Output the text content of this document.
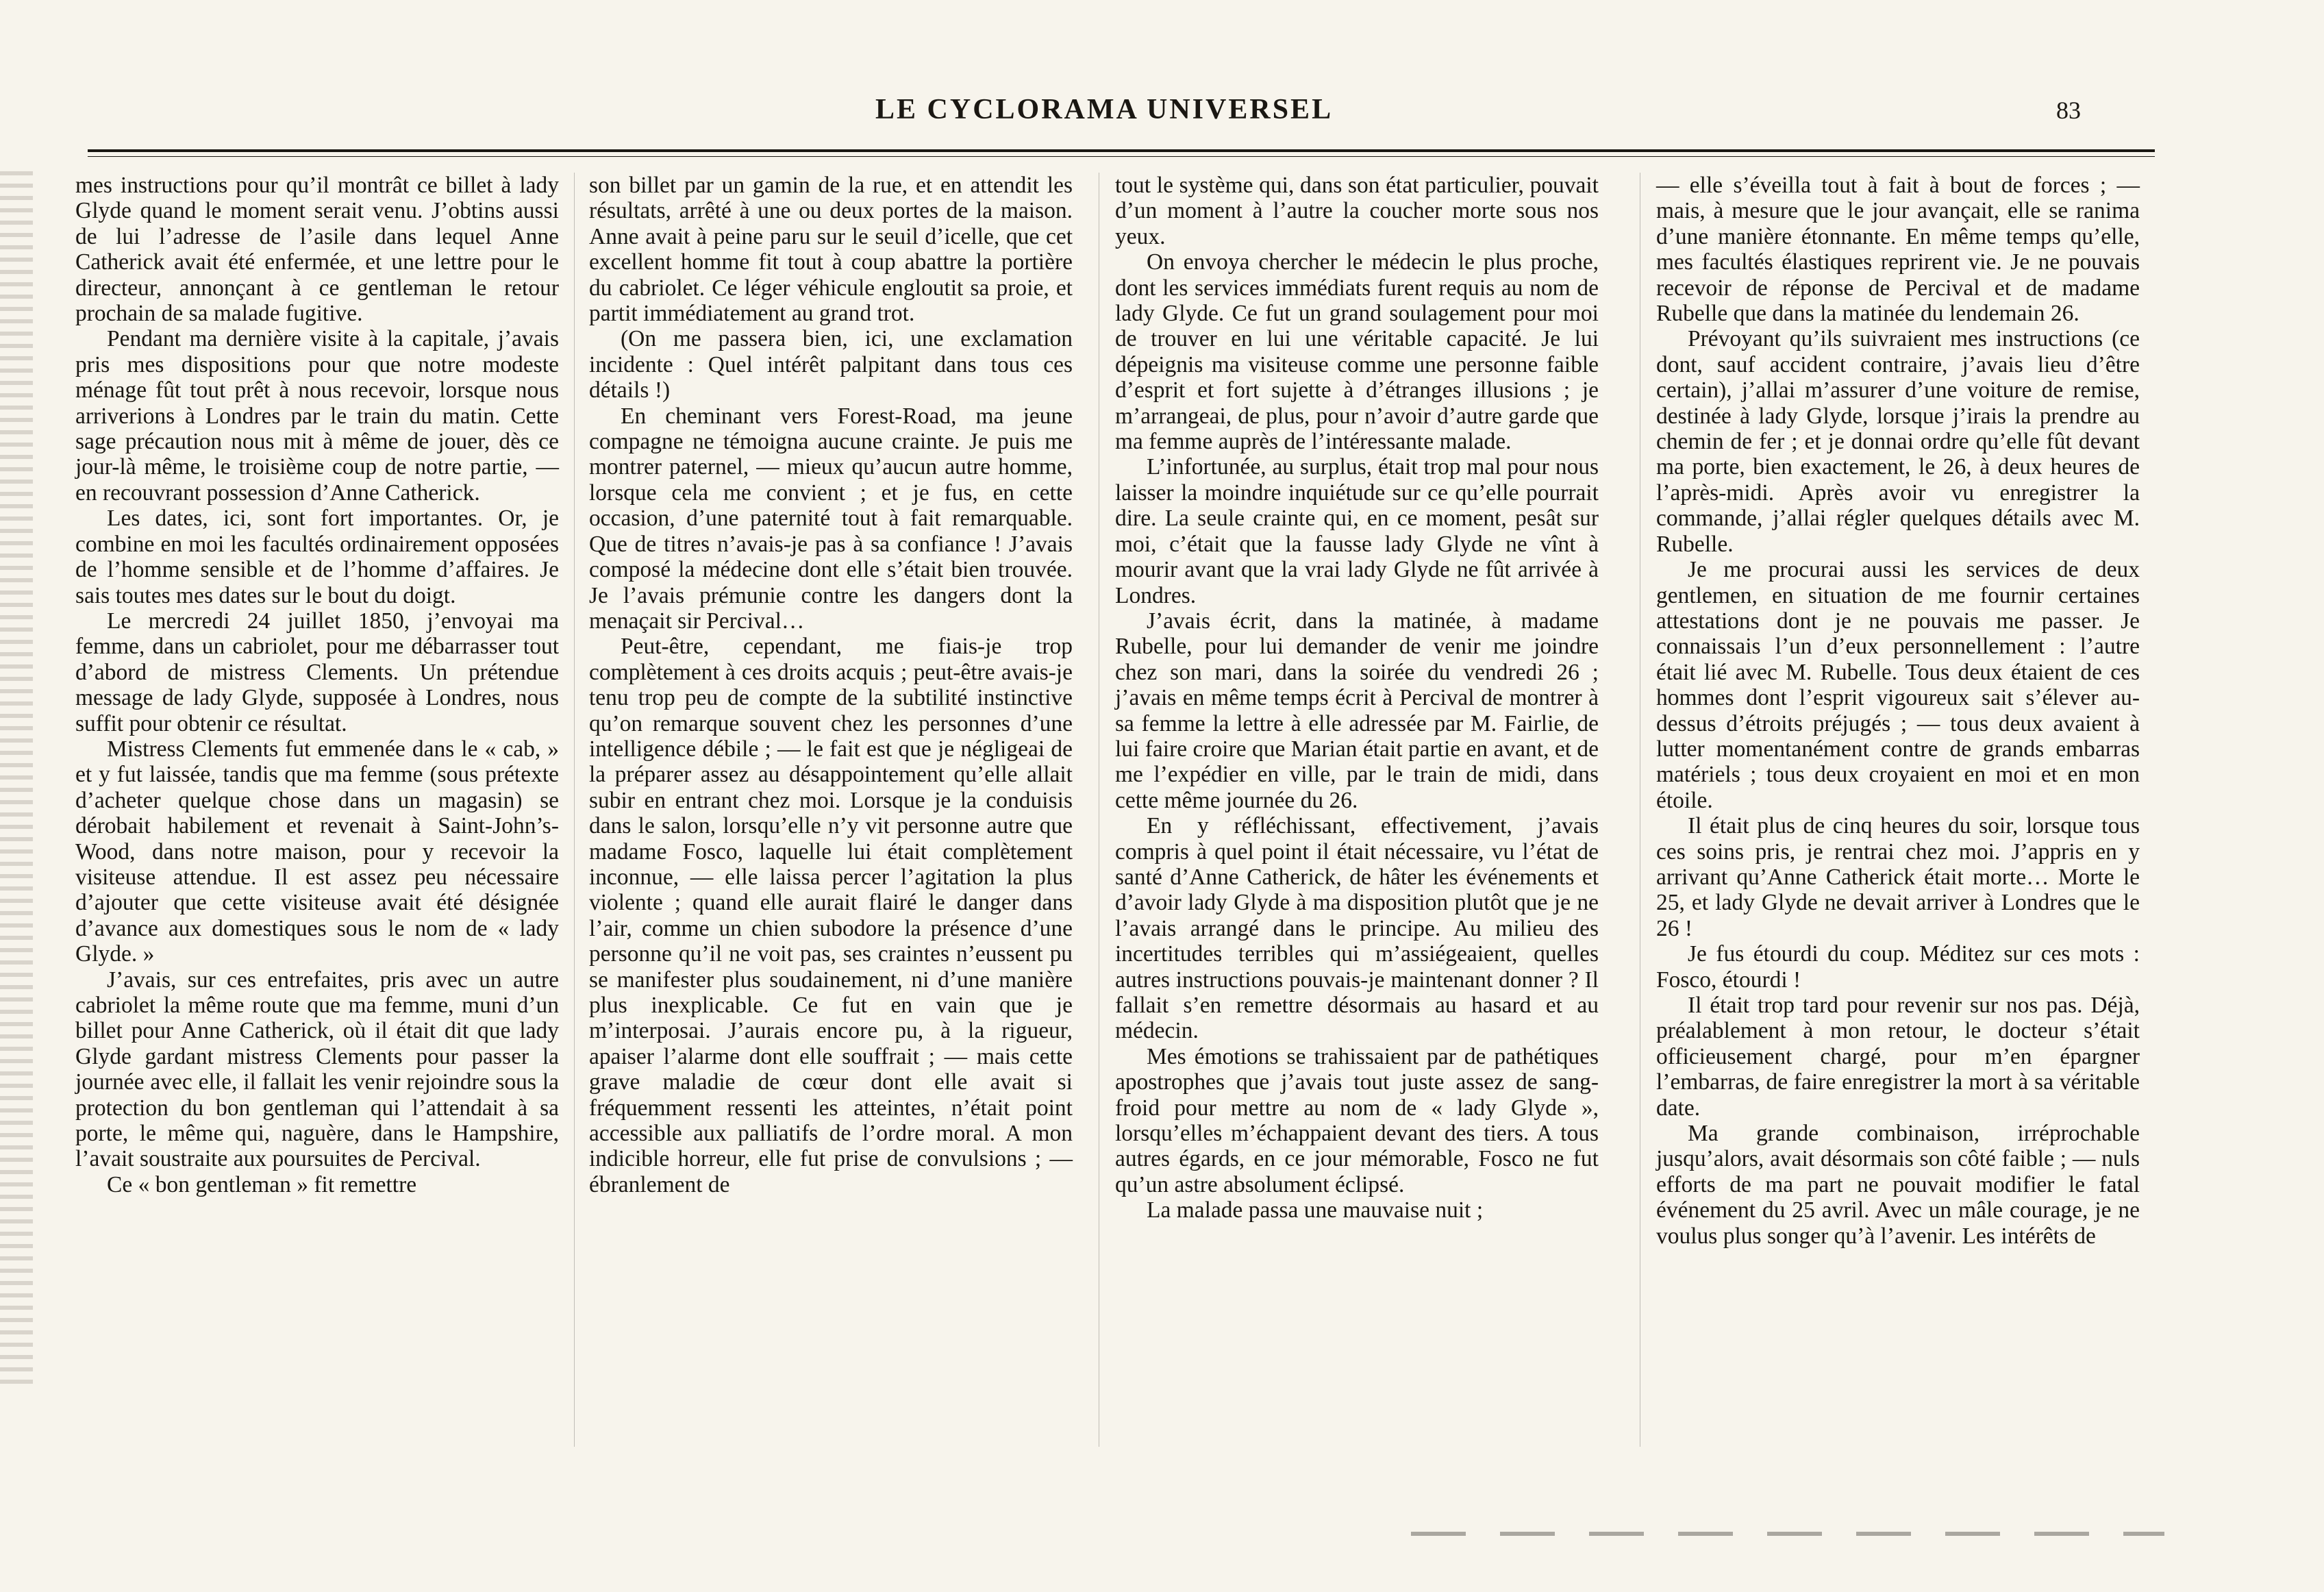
LE CYCLORAMA UNIVERSEL	83

mes instructions pour qu’il montrât ce billet à lady Glyde quand le moment serait venu. J’obtins aussi de lui l’adresse de l’asile dans lequel Anne Catherick avait été enfermée, et une lettre pour le directeur, annonçant à ce gentleman le retour prochain de sa malade fugitive.

Pendant ma dernière visite à la capitale, j’avais pris mes dispositions pour que notre modeste ménage fût tout prêt à nous recevoir, lorsque nous arriverions à Londres par le train du matin. Cette sage précaution nous mit à même de jouer, dès ce jour-là même, le troisième coup de notre partie, — en recouvrant possession d’Anne Catherick.

Les dates, ici, sont fort importantes. Or, je combine en moi les facultés ordinairement opposées de l’homme sensible et de l’homme d’affaires. Je sais toutes mes dates sur le bout du doigt.

Le mercredi 24 juillet 1850, j’envoyai ma femme, dans un cabriolet, pour me débarrasser tout d’abord de mistress Clements. Un prétendue message de lady Glyde, supposée à Londres, nous suffit pour obtenir ce résultat.

Mistress Clements fut emmenée dans le « cab, » et y fut laissée, tandis que ma femme (sous prétexte d’acheter quelque chose dans un magasin) se dérobait habilement et revenait à Saint-John’s-Wood, dans notre maison, pour y recevoir la visiteuse attendue. Il est assez peu nécessaire d’ajouter que cette visiteuse avait été désignée d’avance aux domestiques sous le nom de « lady Glyde. »

J’avais, sur ces entrefaites, pris avec un autre cabriolet la même route que ma femme, muni d’un billet pour Anne Catherick, où il était dit que lady Glyde gardant mistress Clements pour passer la journée avec elle, il fallait les venir rejoindre sous la protection du bon gentleman qui l’attendait à sa porte, le même qui, naguère, dans le Hampshire, l’avait soustraite aux poursuites de Percival.

Ce « bon gentleman » fit remettre

son billet par un gamin de la rue, et en attendit les résultats, arrêté à une ou deux portes de la maison. Anne avait à peine paru sur le seuil d’icelle, que cet excellent homme fit tout à coup abattre la portière du cabriolet. Ce léger véhicule engloutit sa proie, et partit immédiatement au grand trot.

(On me passera bien, ici, une exclamation incidente : Quel intérêt palpitant dans tous ces détails !)

En cheminant vers Forest-Road, ma jeune compagne ne témoigna aucune crainte. Je puis me montrer paternel, — mieux qu’aucun autre homme, lorsque cela me convient ; et je fus, en cette occasion, d’une paternité tout à fait remarquable. Que de titres n’avais-je pas à sa confiance ! J’avais composé la médecine dont elle s’était bien trouvée. Je l’avais prémunie contre les dangers dont la menaçait sir Percival…

Peut-être, cependant, me fiais-je trop complètement à ces droits acquis ; peut-être avais-je tenu trop peu de compte de la subtilité instinctive qu’on remarque souvent chez les personnes d’une intelligence débile ; — le fait est que je négligeai de la préparer assez au désappointement qu’elle allait subir en entrant chez moi. Lorsque je la conduisis dans le salon, lorsqu’elle n’y vit personne autre que madame Fosco, laquelle lui était complètement inconnue, — elle laissa percer l’agitation la plus violente ; quand elle aurait flairé le danger dans l’air, comme un chien subodore la présence d’une personne qu’il ne voit pas, ses craintes n’eussent pu se manifester plus soudainement, ni d’une manière plus inexplicable. Ce fut en vain que je m’interposai. J’aurais encore pu, à la rigueur, apaiser l’alarme dont elle souffrait ; — mais cette grave maladie de cœur dont elle avait si fréquemment ressenti les atteintes, n’était point accessible aux palliatifs de l’ordre moral. A mon indicible horreur, elle fut prise de convulsions ; — ébranlement de

tout le système qui, dans son état particulier, pouvait d’un moment à l’autre la coucher morte sous nos yeux.

On envoya chercher le médecin le plus proche, dont les services immédiats furent requis au nom de lady Glyde. Ce fut un grand soulagement pour moi de trouver en lui une véritable capacité. Je lui dépeignis ma visiteuse comme une personne faible d’esprit et fort sujette à d’étranges illusions ; je m’arrangeai, de plus, pour n’avoir d’autre garde que ma femme auprès de l’intéressante malade.

L’infortunée, au surplus, était trop mal pour nous laisser la moindre inquiétude sur ce qu’elle pourrait dire. La seule crainte qui, en ce moment, pesât sur moi, c’était que la fausse lady Glyde ne vînt à mourir avant que la vrai lady Glyde ne fût arrivée à Londres.

J’avais écrit, dans la matinée, à madame Rubelle, pour lui demander de venir me joindre chez son mari, dans la soirée du vendredi 26 ; j’avais en même temps écrit à Percival de montrer à sa femme la lettre à elle adressée par M. Fairlie, de lui faire croire que Marian était partie en avant, et de me l’expédier en ville, par le train de midi, dans cette même journée du 26.

En y réfléchissant, effectivement, j’avais compris à quel point il était nécessaire, vu l’état de santé d’Anne Catherick, de hâter les événements et d’avoir lady Glyde à ma disposition plutôt que je ne l’avais arrangé dans le principe. Au milieu des incertitudes terribles qui m’assiégeaient, quelles autres instructions pouvais-je maintenant donner ? Il fallait s’en remettre désormais au hasard et au médecin.

Mes émotions se trahissaient par de pathétiques apostrophes que j’avais tout juste assez de sang-froid pour mettre au nom de « lady Glyde », lorsqu’elles m’échappaient devant des tiers. A tous autres égards, en ce jour mémorable, Fosco ne fut qu’un astre absolument éclipsé.

La malade passa une mauvaise nuit ;

— elle s’éveilla tout à fait à bout de forces ; — mais, à mesure que le jour avançait, elle se ranima d’une manière étonnante. En même temps qu’elle, mes facultés élastiques reprirent vie. Je ne pouvais recevoir de réponse de Percival et de madame Rubelle que dans la matinée du lendemain 26.

Prévoyant qu’ils suivraient mes instructions (ce dont, sauf accident contraire, j’avais lieu d’être certain), j’allai m’assurer d’une voiture de remise, destinée à lady Glyde, lorsque j’irais la prendre au chemin de fer ; et je donnai ordre qu’elle fût devant ma porte, bien exactement, le 26, à deux heures de l’après-midi. Après avoir vu enregistrer la commande, j’allai régler quelques détails avec M. Rubelle.

Je me procurai aussi les services de deux gentlemen, en situation de me fournir certaines attestations dont je ne pouvais me passer. Je connaissais l’un d’eux personnellement : l’autre était lié avec M. Rubelle. Tous deux étaient de ces hommes dont l’esprit vigoureux sait s’élever au-dessus d’étroits préjugés ; — tous deux avaient à lutter momentanément contre de grands embarras matériels ; tous deux croyaient en moi et en mon étoile.

Il était plus de cinq heures du soir, lorsque tous ces soins pris, je rentrai chez moi. J’appris en y arrivant qu’Anne Catherick était morte… Morte le 25, et lady Glyde ne devait arriver à Londres que le 26 !

Je fus étourdi du coup. Méditez sur ces mots : Fosco, étourdi !

Il était trop tard pour revenir sur nos pas. Déjà, préalablement à mon retour, le docteur s’était officieusement chargé, pour m’en épargner l’embarras, de faire enregistrer la mort à sa véritable date.

Ma grande combinaison, irréprochable jusqu’alors, avait désormais son côté faible ; — nuls efforts de ma part ne pouvait modifier le fatal événement du 25 avril. Avec un mâle courage, je ne voulus plus songer qu’à l’avenir. Les intérêts de
